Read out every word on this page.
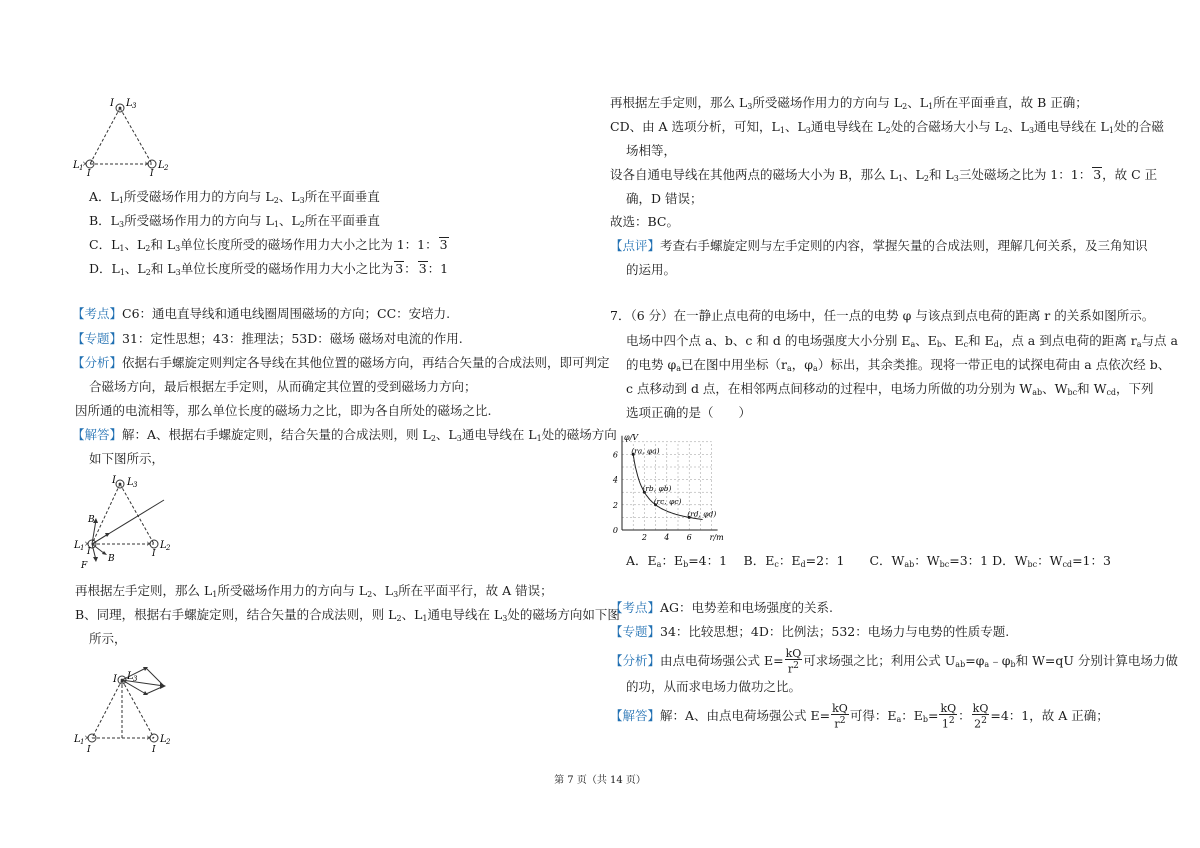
×
×
I L 3
L 1	L 2
I	I
A．$L_1$所受磁场作用力的方向与 $L_2$、$L_3$所在平面垂直
B．$L_3$所受磁场作用力的方向与 $L_1$、$L_2$所在平面垂直
C．$L_1$、$L_2$和 $L_3$单位长度所受的磁场作用力大小之比为 1：1： 3
D．$L_1$、$L_2$和 $L_3$单位长度所受的磁场作用力大小之比为 3： 3：1
【考点】C6：通电直导线和通电线圈周围磁场的方向；CC：安培力.
【专题】31：定性思想；43：推理法；53D：磁场 磁场对电流的作用.
【分析】依据右手螺旋定则判定各导线在其他位置的磁场方向，再结合矢量的合成法则，即可判定
合磁场方向，最后根据左手定则，从而确定其位置的受到磁场力方向；
因所通的电流相等，那么单位长度的磁场力之比，即为各自所处的磁场之比.
【解答】解：A、根据右手螺旋定则，结合矢量的合成法则，则 $L_2$、$L_3$通电导线在 $L_1$处的磁场方向
如下图所示，
×
×
I L 3
B
B
L 1	L 2
I	I
F
再根据左手定则，那么 $L_1$所受磁场作用力的方向与 $L_2$、$L_3$所在平面平行，故 A 错误；
B、同理，根据右手螺旋定则，结合矢量的合成法则，则 $L_2$、$L_1$通电导线在 $L_3$处的磁场方向如下图
所示，
×
×
I L 3
L 1	L 2
I	I
再根据左手定则，那么 $L_3$所受磁场作用力的方向与 $L_2$、$L_1$所在平面垂直，故 B 正确；
CD、由 A 选项分析，可知，$L_1$、$L_3$通电导线在 $L_2$处的合磁场大小与 $L_2$、$L_3$通电导线在 $L_1$处的合磁
场相等，
设各自通电导线在其他两点的磁场大小为 B，那么 $L_1$、$L_2$和 $L_3$三处磁场之比为 1：1： 3，故 C 正
确，D 错误；
故选：BC。
【点评】考查右手螺旋定则与左手定则的内容，掌握矢量的合成法则，理解几何关系，及三角知识
的运用。
7．（6 分）在一静止点电荷的电场中，任一点的电势 φ 与该点到点电荷的距离 r 的关系如图所示。
电场中四个点 a、b、c 和 d 的电场强度大小分别 $E_a$、$E_b$、$E_c$和 $E_d$，点 a 到点电荷的距离 $r_a$与点 a
的电势 $\varphi_a$已在图中用坐标（$r_a$，$\varphi_a$）标出，其余类推。现将一带正电的试探电荷由 a 点依次经 b、
c 点移动到 d 点，在相邻两点间移动的过程中，电场力所做的功分别为 $W_{ab}$、$W_{bc}$和 $W_{cd}$，下列
选项正确的是（　　）
2 4 6
0
2
4
6
φ/V
r/m
(ra, φa)
(rb, φb)
(rc, φc)
(rd, φd)
A．$E_a$：$E_b=4$：1　 B．$E_c$：$E_d=2$：1　　C．$W_{ab}$：$W_{bc}=3$：1 D．$W_{bc}$：$W_{cd}=1$：3
【考点】AG：电势差和电场强度的关系.
【专题】34：比较思想；4D：比例法；532：电场力与电势的性质专题.
【分析】由点电荷场强公式 $E= \frac{kQ}{r^2}$ 可求场强之比；利用公式 $U_{ab}=\varphi_a﹣\varphi_b$和 W=qU 分别计算电场力做
的功，从而求电场力做功之比。
【解答】解：A、由点电荷场强公式 $E= \frac{kQ}{r^2}$ 可得：$E_a$：$E_b= \frac{kQ}{1^2}$ ： $\frac{kQ}{2^2} =4$：1，故 A 正确；
第 7 页（共 14 页）
